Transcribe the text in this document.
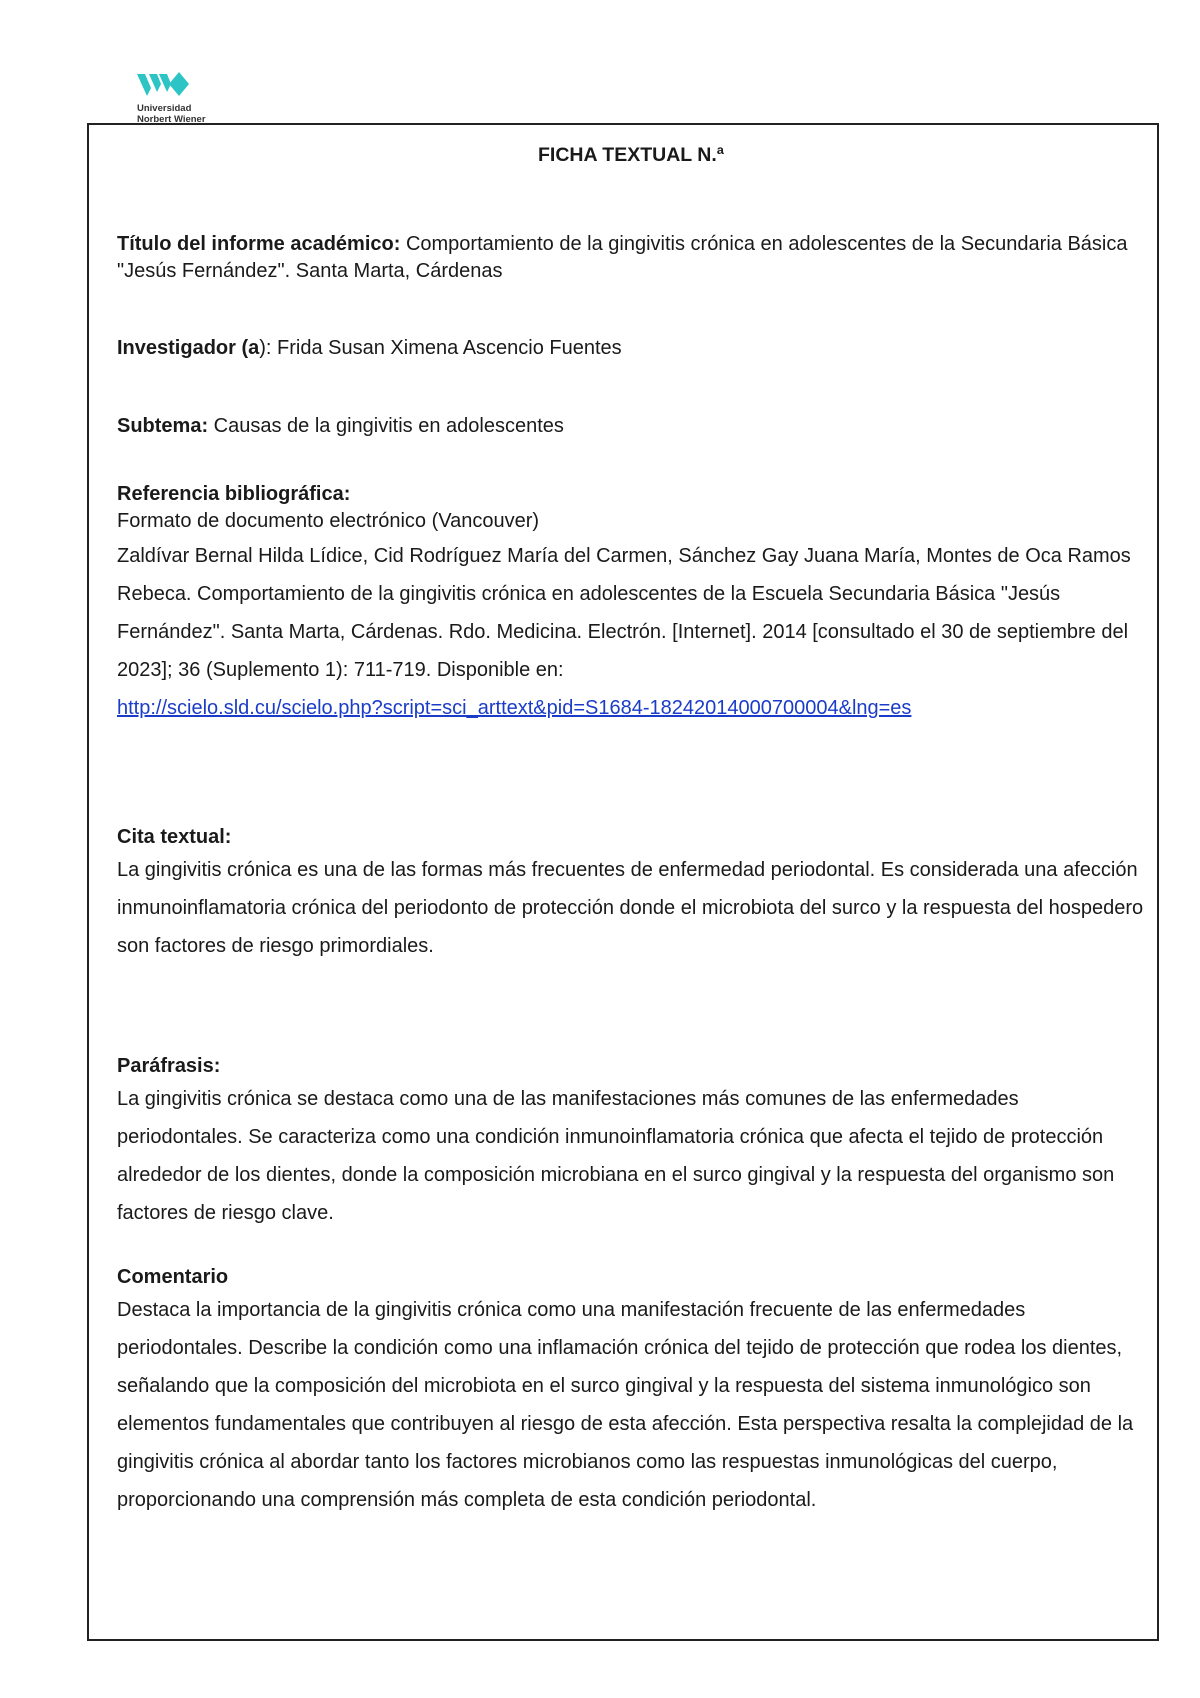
Universidad
Norbert Wiener

FICHA TEXTUAL N.ª

Título del informe académico: Comportamiento de la gingivitis crónica en adolescentes de la Secundaria Básica "Jesús Fernández". Santa Marta, Cárdenas

Investigador (a): Frida Susan Ximena Ascencio Fuentes

Subtema: Causas de la gingivitis en adolescentes

Referencia bibliográfica:

Formato de documento electrónico (Vancouver)

Zaldívar Bernal Hilda Lídice, Cid Rodríguez María del Carmen, Sánchez Gay Juana María, Montes de Oca Ramos Rebeca. Comportamiento de la gingivitis crónica en adolescentes de la Escuela Secundaria Básica "Jesús Fernández". Santa Marta, Cárdenas. Rdo. Medicina. Electrón. [Internet]. 2014 [consultado el 30 de septiembre del 2023]; 36 (Suplemento 1): 711-719. Disponible en:
http://scielo.sld.cu/scielo.php?script=sci_arttext&pid=S1684-18242014000700004&lng=es

Cita textual:

La gingivitis crónica es una de las formas más frecuentes de enfermedad periodontal. Es considerada una afección inmunoinflamatoria crónica del periodonto de protección donde el microbiota del surco y la respuesta del hospedero son factores de riesgo primordiales.

Paráfrasis:

La gingivitis crónica se destaca como una de las manifestaciones más comunes de las enfermedades periodontales. Se caracteriza como una condición inmunoinflamatoria crónica que afecta el tejido de protección alrededor de los dientes, donde la composición microbiana en el surco gingival y la respuesta del organismo son factores de riesgo clave.

Comentario

Destaca la importancia de la gingivitis crónica como una manifestación frecuente de las enfermedades periodontales. Describe la condición como una inflamación crónica del tejido de protección que rodea los dientes, señalando que la composición del microbiota en el surco gingival y la respuesta del sistema inmunológico son elementos fundamentales que contribuyen al riesgo de esta afección. Esta perspectiva resalta la complejidad de la gingivitis crónica al abordar tanto los factores microbianos como las respuestas inmunológicas del cuerpo, proporcionando una comprensión más completa de esta condición periodontal.
